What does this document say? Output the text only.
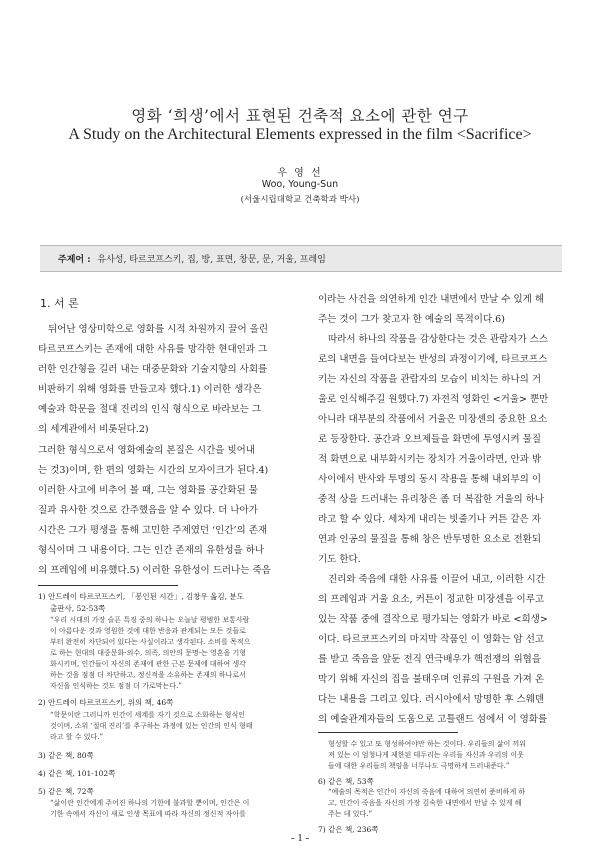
영화 ‘희생’에서 표현된 건축적 요소에 관한 연구
A Study on the Architectural Elements expressed in the film <Sacrifice>
우 영 선
Woo, Young-Sun
(서울시립대학교 건축학과 박사)
주제어 : 유사성, 타르코프스키, 집, 방, 표면, 창문, 문, 거울, 프레임
1. 서 론
뒤어난 영상미학으로 영화를 시적 차원까지 끌어 올린
타르코프스키는 존재에 대한 사유를 망각한 현대인과 그
러한 인간형을 길러 내는 대중문화와 기술지향의 사회를
비판하기 위해 영화를 만들고자 했다.1) 이러한 생각은
예술과 학문을 절대 진리의 인식 형식으로 바라보는 그
의 세계관에서 비롯된다.2)
그러한 형식으로서 영화예술의 본질은 시간을 빚어내
는 것3)이며, 한 편의 영화는 시간의 모자이크가 된다.4)
이러한 사고에 비추어 볼 때, 그는 영화를 공간화된 물
질과 유사한 것으로 간주했음을 알 수 있다. 더 나아가
시간은 그가 평생을 통해 고민한 주제였던 ‘인간’의 존재
형식이며 그 내용이다. 그는 인간 존재의 유한성을 하나
의 프레임에 비유했다.5) 이러한 유한성이 드러나는 죽음
1) 안드레이 타르코프스키, 「봉인된 시간」, 김창우 옮김, 분도
출판사, 52-53쪽
“우리 시대의 가장 슬픈 특징 중의 하나는 오늘날 평범한 보통사람
이 아름다운 것과 영원한 것에 대한 반응과 관계되는 모든 것들로
부터 완전히 차단되어 있다는 사실이라고 생각된다. 소비를 목적으
로 하는 현대의 대중문화-의수, 의족, 의안의 문명-는 영혼을 기형
화시키며, 인간들이 자신의 존재에 관한 근본 문제에 대하여 생각
하는 것을 점점 더 차단하고, 정신적을 소유하는 존재의 하나로서
자신을 인식하는 것도 점점 더 가로막는다.”
2) 안드레이 타르코프스키, 위의 책, 46쪽
“학문이란 그러니까 인간이 세계를 자기 것으로 소화하는 형식인
것이며, 소위 ‘절대 진리’를 추구하는 과정에 있는 인간의 인식 형태
라고 할 수 있다.”
3) 같은 책, 80쪽
4) 같은 책, 101-102쪽
5) 같은 책, 72쪽
“삶이란 인간에게 주어진 하나의 기한에 불과할 뿐이며, 인간은 이
기한 속에서 자신이 새로 인생 목표에 따라 자신의 정신적 자아를
이라는 사건을 의연하게 인간 내면에서 만날 수 있게 해
주는 것이 그가 찾고자 한 예술의 목적이다.6)
따라서 하나의 작품을 감상한다는 것은 관람자가 스스
로의 내면을 들여다보는 반성의 과정이기에, 타르코프스
키는 자신의 작품을 관람자의 모습이 비치는 하나의 거
울로 인식해주길 원했다.7) 자전적 영화인 <거울> 뿐만
아니라 대부분의 작품에서 거울은 미장센의 중요한 요소
로 등장한다. 공간과 오브제들을 화면에 투영시켜 물질
적 화면으로 내부화시키는 장치가 거울이라면, 안과 밖
사이에서 반사와 투명의 동시 작용을 통해 내외부의 이
중적 상을 드러내는 유리창은 좀 더 복잡한 거울의 하나
라고 할 수 있다. 세차게 내리는 빗줄기나 커튼 같은 자
연과 인공의 물질을 통해 창은 반투명한 요소로 전환되
기도 한다.
진리와 죽음에 대한 사유를 이끌어 내고, 이러한 시간
의 프레임과 거울 요소, 커튼이 정교한 미장센을 이루고
있는 작품 중에 결작으로 평가되는 영화가 바로 <희생>
이다. 타르코프스키의 마지막 작품인 이 영화는 암 선고
를 받고 죽음을 앞둔 전직 연극배우가 핵전쟁의 위협을
막기 위해 자신의 집을 불태우며 인류의 구원을 가져 온
다는 내용을 그리고 있다. 러시아에서 망명한 후 스웨덴
의 예술관계자들의 도움으로 고틀랜드 섬에서 이 영화를
형성할 수 있고 또 형성하여야만 하는 것이다. 우리들의 삶이 끼워
져 있는 이 엄청나게 제한된 테두리는 우리들 자신과 우리의 이웃
들에 대한 우리들의 책임을 너무나도 극명하게 드러내준다.”
6) 같은 책, 53쪽
“예술의 목적은 인간이 자신의 죽음에 대하여 의연히 준비하게 하
고, 인간이 죽음을 자신의 가장 깊숙한 내면에서 만날 수 있게 해
주는 데 있다.”
7) 같은 책, 236쪽
- 1 -
